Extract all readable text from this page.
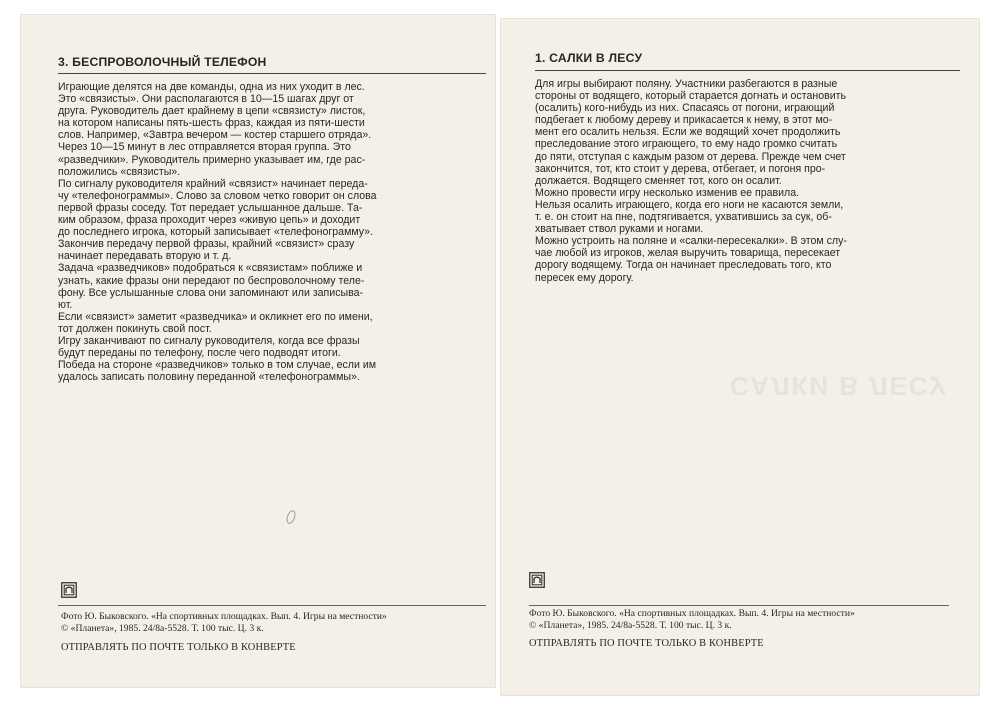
3. БЕСПРОВОЛОЧНЫЙ ТЕЛЕФОН

Играющие делятся на две команды, одна из них уходит в лес.

Это «связисты». Они располагаются в 10—15 шагах друг от

друга. Руководитель дает крайнему в цепи «связисту» листок,

на котором написаны пять-шесть фраз, каждая из пяти-шести

слов. Например, «Завтра вечером — костер старшего отряда».

Через 10—15 минут в лес отправляется вторая группа. Это

«разведчики». Руководитель примерно указывает им, где рас-

положились «связисты».

По сигналу руководителя крайний «связист» начинает переда-

чу «телефонограммы». Слово за словом четко говорит он слова

первой фразы соседу. Тот передает услышанное дальше. Та-

ким образом, фраза проходит через «живую цепь» и доходит

до последнего игрока, который записывает «телефонограмму».

Закончив передачу первой фразы, крайний «связист» сразу

начинает передавать вторую и т. д.

Задача «разведчиков» подобраться к «связистам» поближе и

узнать, какие фразы они передают по беспроволочному теле-

фону. Все услышанные слова они запоминают или записыва-

ют.

Если «связист» заметит «разведчика» и окликнет его по имени,

тот должен покинуть свой пост.

Игру заканчивают по сигналу руководителя, когда все фразы

будут переданы по телефону, после чего подводят итоги.

Победа на стороне «разведчиков» только в том случае, если им

удалось записать половину переданной «телефонограммы».

Фото Ю. Быковского. «На спортивных площадках. Вып. 4. Игры на местности»
© «Планета», 1985. 24/8а-5528. Т. 100 тыс. Ц. 3 к.
ОТПРАВЛЯТЬ ПО ПОЧТЕ ТОЛЬКО В КОНВЕРТЕ
САЛКИ В ЛЕСУ
1. САЛКИ В ЛЕСУ

Для игры выбирают поляну. Участники разбегаются в разные

стороны от водящего, который старается догнать и остановить

(осалить) кого-нибудь из них. Спасаясь от погони, играющий

подбегает к любому дереву и прикасается к нему, в этот мо-

мент его осалить нельзя. Если же водящий хочет продолжить

преследование этого играющего, то ему надо громко считать

до пяти, отступая с каждым разом от дерева. Прежде чем счет

закончится, тот, кто стоит у дерева, отбегает, и погоня про-

должается. Водящего сменяет тот, кого он осалит.

Можно провести игру несколько изменив ее правила.

Нельзя осалить играющего, когда его ноги не касаются земли,

т. е. он стоит на пне, подтягивается, ухватившись за сук, об-

хватывает ствол руками и ногами.

Можно устроить на поляне и «салки-пересекалки». В этом слу-

чае любой из игроков, желая выручить товарища, пересекает

дорогу водящему. Тогда он начинает преследовать того, кто

пересек ему дорогу.

Фото Ю. Быковского. «На спортивных площадках. Вып. 4. Игры на местности»
© «Планета», 1985. 24/8а-5528. Т. 100 тыс. Ц. 3 к.
ОТПРАВЛЯТЬ ПО ПОЧТЕ ТОЛЬКО В КОНВЕРТЕ
